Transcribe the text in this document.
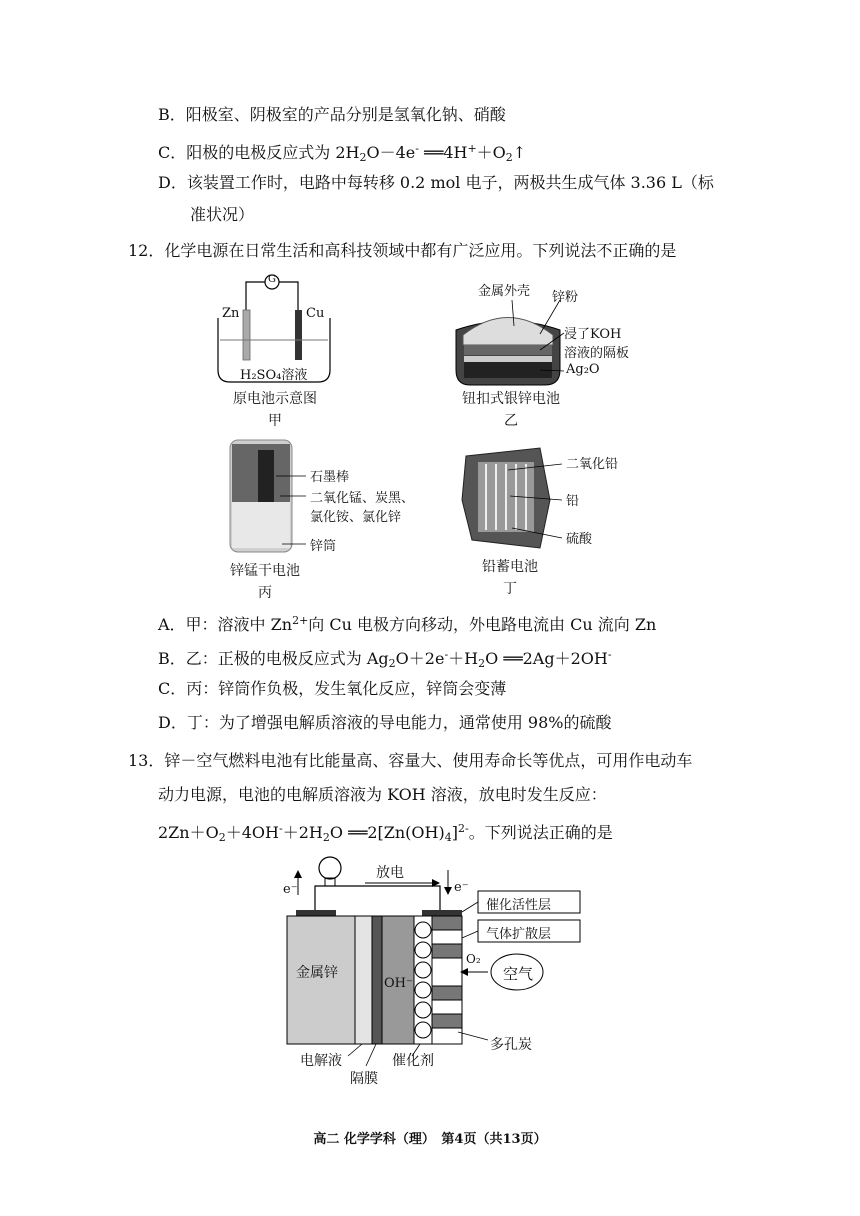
B．阳极室、阴极室的产品分别是氢氧化钠、硝酸
C．阳极的电极反应式为 $2H_2O-4e^-$ $══4H^++O_2↑$
D．该装置工作时，电路中每转移 0.2 mol 电子，两极共生成气体 3.36 L（标
准状况）
12．化学电源在日常生活和高科技领域中都有广泛应用。下列说法不正确的是
Zn	Cu
G
H₂SO₄溶液
原电池示意图
甲
金属外壳 锌粉
浸了KOH
溶液的隔板
Ag₂O
钮扣式银锌电池
乙
石墨棒
二氧化锰、炭黑、
氯化铵、氯化锌
锌筒
锌锰干电池
丙
二氧化铅
铅
硫酸
铅蓄电池
丁
A．甲：溶液中 $Zn^{2+}$向 Cu 电极方向移动，外电路电流由 Cu 流向 Zn
B．乙：正极的电极反应式为 $Ag_2O+2e^-+H_2O$ ══2Ag＋2OH-
C．丙：锌筒作负极，发生氧化反应，锌筒会变薄
D．丁：为了增强电解质溶液的导电能力，通常使用 98%的硫酸
13．锌－空气燃料电池有比能量高、容量大、使用寿命长等优点，可用作电动车
动力电源，电池的电解质溶液为 KOH 溶液，放电时发生反应：
$2Zn+O_2+4OH^-+2H_2O$ $══2[Zn(OH)_4]^{2-}$。下列说法正确的是
放电
e⁻	e⁻
催化活性层
气体扩散层
金属锌
OH⁻
O₂
空气
多孔炭
电解液	催化剂
隔膜
高二 化学学科（理）　第4页（共13页）
